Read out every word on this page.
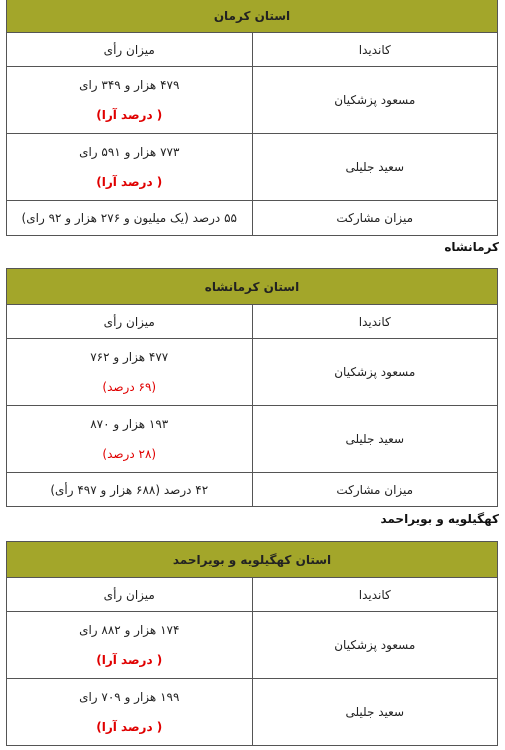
استان کرمان	
کاندیدا	میزان رأی
مسعود پزشکیان	۴۷۹ هزار و ۳۴۹ رای
( درصد آرا)

سعید جلیلی	۷۷۳ هزار و ۵۹۱ رای
( درصد آرا)

میزان مشارکت	۵۵ درصد (یک میلیون و ۲۷۶ هزار و ۹۲ رای)
کرمانشاه
استان کرمانشاه	
کاندیدا	میزان رأی
مسعود پزشکیان	۴۷۷ هزار و ۷۶۲
(۶۹ درصد)

سعید جلیلی	۱۹۳ هزار و ۸۷۰
(۲۸ درصد)

میزان مشارکت	۴۲ درصد (۶۸۸ هزار و ۴۹۷ رأی)
کهگیلویه و بویراحمد
استان کهگیلویه و بویراحمد	
کاندیدا	میزان رأی
مسعود پزشکیان	۱۷۴ هزار و ۸۸۲ رای
( درصد آرا)

سعید جلیلی	۱۹۹ هزار و ۷۰۹ رای
( درصد آرا)
